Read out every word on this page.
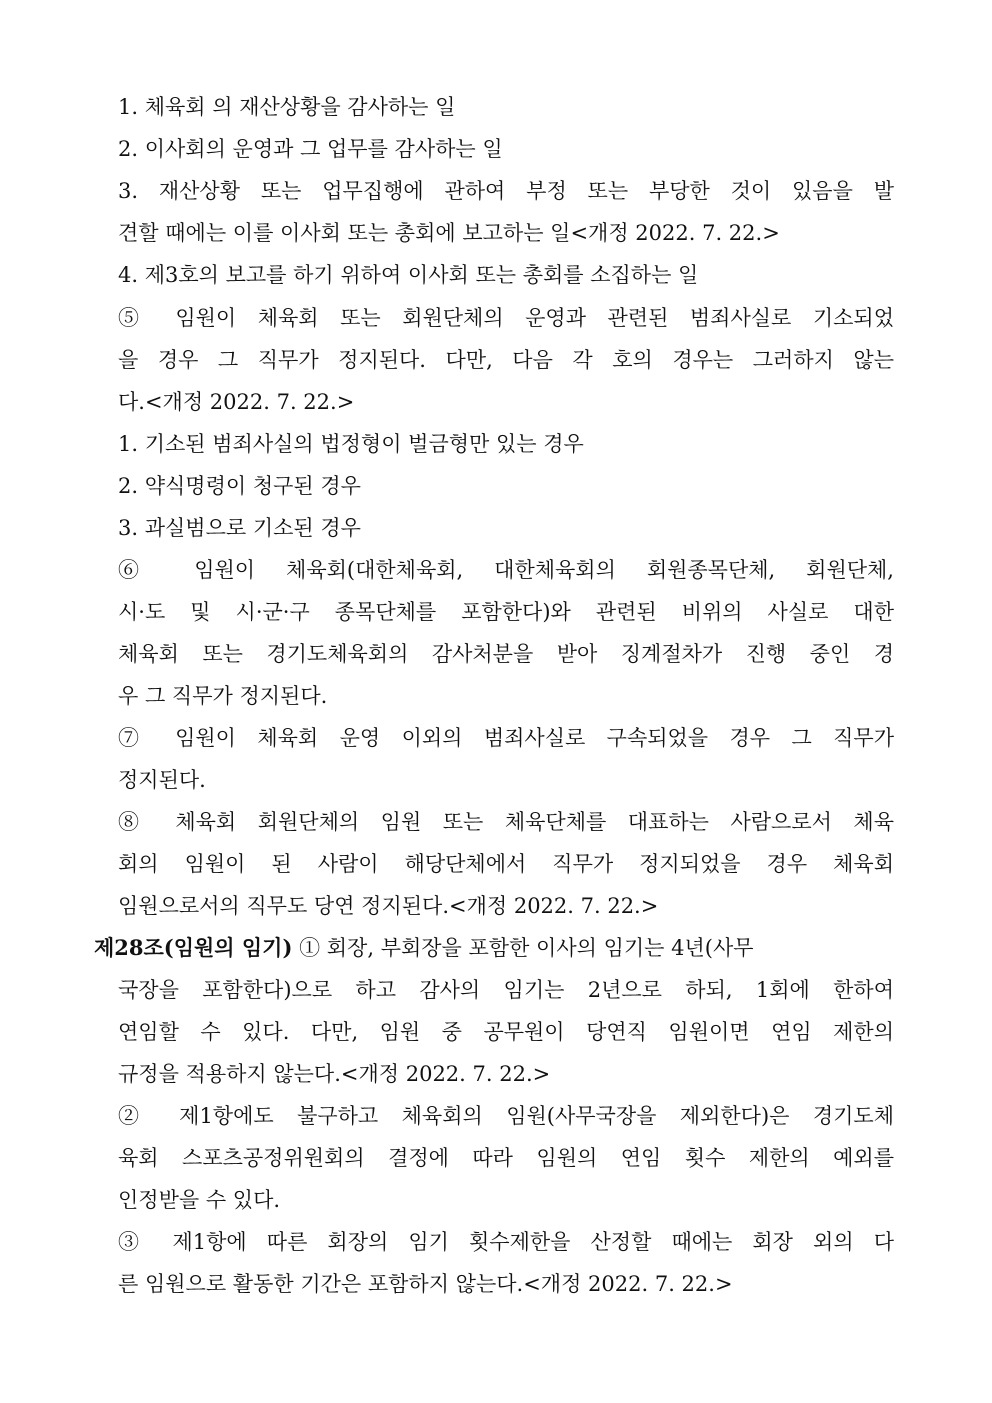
1. 체육회 의 재산상황을 감사하는 일
2. 이사회의 운영과 그 업무를 감사하는 일
3. 재산상황 또는 업무집행에 관하여 부정 또는 부당한 것이 있음을 발
견할 때에는 이를 이사회 또는 총회에 보고하는 일<개정 2022. 7. 22.>
4. 제3호의 보고를 하기 위하여 이사회 또는 총회를 소집하는 일
⑤ 임원이 체육회 또는 회원단체의 운영과 관련된 범죄사실로 기소되었
을 경우 그 직무가 정지된다. 다만, 다음 각 호의 경우는 그러하지 않는
다.<개정 2022. 7. 22.>
1. 기소된 범죄사실의 법정형이 벌금형만 있는 경우
2. 약식명령이 청구된 경우
3. 과실범으로 기소된 경우
⑥ 임원이 체육회(대한체육회, 대한체육회의 회원종목단체, 회원단체,
시·도 및 시·군·구 종목단체를 포함한다)와 관련된 비위의 사실로 대한
체육회 또는 경기도체육회의 감사처분을 받아 징계절차가 진행 중인 경
우 그 직무가 정지된다.
⑦ 임원이 체육회 운영 이외의 범죄사실로 구속되었을 경우 그 직무가
정지된다.
⑧ 체육회 회원단체의 임원 또는 체육단체를 대표하는 사람으로서 체육
회의 임원이 된 사람이 해당단체에서 직무가 정지되었을 경우 체육회
임원으로서의 직무도 당연 정지된다.<개정 2022. 7. 22.>
제28조(임원의 임기) ① 회장, 부회장을 포함한 이사의 임기는 4년(사무
국장을 포함한다)으로 하고 감사의 임기는 2년으로 하되, 1회에 한하여
연임할 수 있다. 다만, 임원 중 공무원이 당연직 임원이면 연임 제한의
규정을 적용하지 않는다.<개정 2022. 7. 22.>
② 제1항에도 불구하고 체육회의 임원(사무국장을 제외한다)은 경기도체
육회 스포츠공정위원회의 결정에 따라 임원의 연임 횟수 제한의 예외를
인정받을 수 있다.
③ 제1항에 따른 회장의 임기 횟수제한을 산정할 때에는 회장 외의 다
른 임원으로 활동한 기간은 포함하지 않는다.<개정 2022. 7. 22.>
